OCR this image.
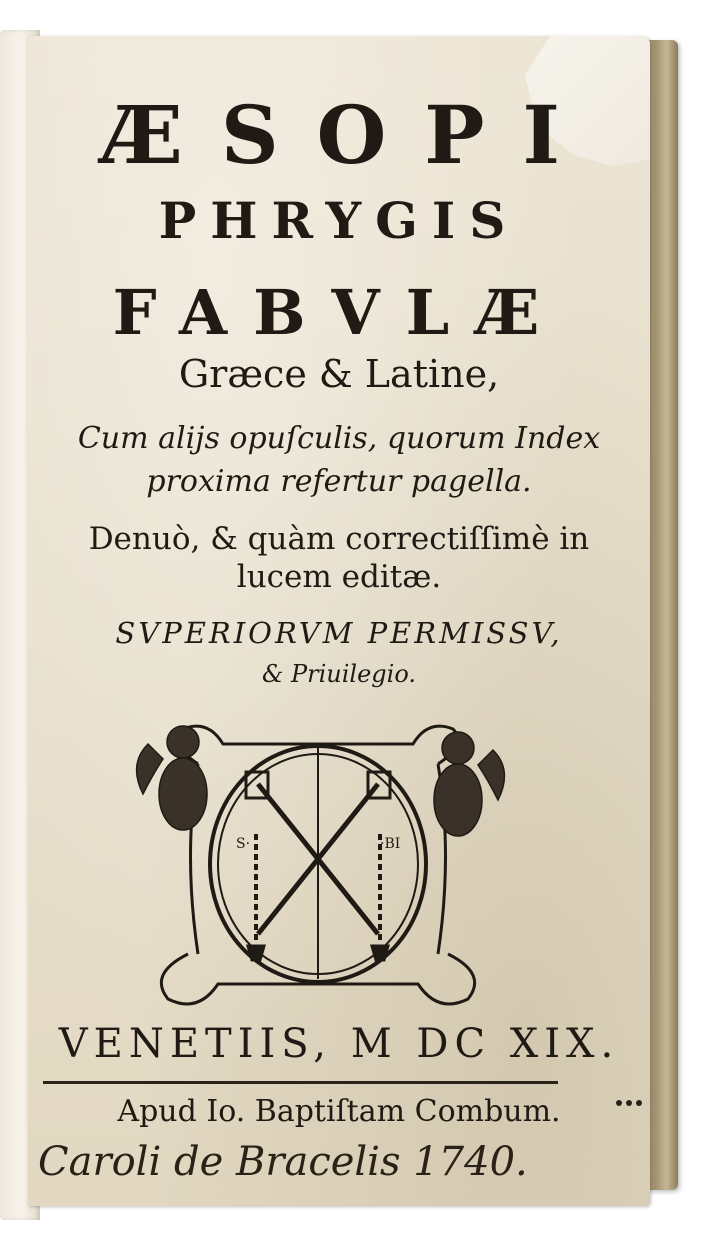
ÆSOPI
PHRYGIS
FABVLÆ
Græce & Latine,
Cum alijs opuſculis, quorum Index
proxima refertur pagella.
Denuò, & quàm correctiſſimè in
lucem editæ.
SVPERIORVM PERMISSV,
& Priuilegio.
S·	·BI
VENETIIS, M DC XIX.
Apud Io. Baptiſtam Combum.
Caroli de Bracelis 1740.
